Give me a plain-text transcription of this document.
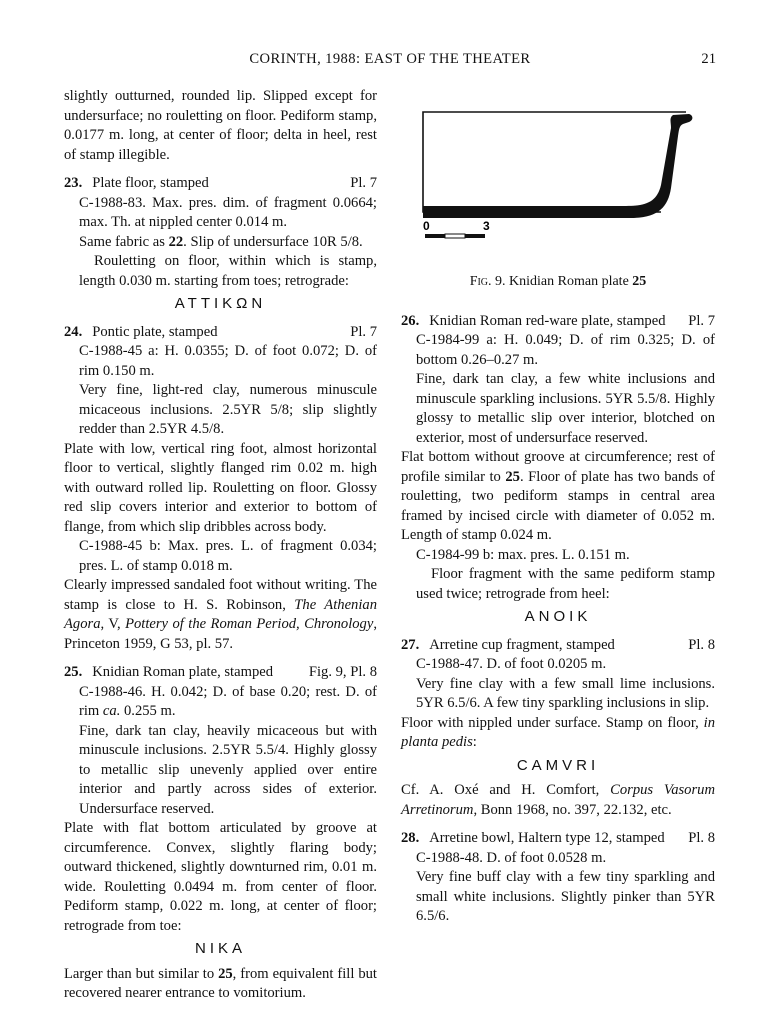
CORINTH, 1988: EAST OF THE THEATER	21

slightly outturned, rounded lip. Slipped except for undersurface; no rouletting on floor. Pediform stamp, 0.0177 m. long, at center of floor; delta in heel, rest of stamp illegible.

23. Plate floor, stamped	Pl. 7

C-1988-83. Max. pres. dim. of fragment 0.0664; max. Th. at nippled center 0.014 m.

Same fabric as 22. Slip of undersurface 10R 5/8.

Rouletting on floor, within which is stamp, length 0.030 m. starting from toes; retrograde:

ATTIKΩN
24. Pontic plate, stamped	Pl. 7

C-1988-45 a: H. 0.0355; D. of foot 0.072; D. of rim 0.150 m.

Very fine, light-red clay, numerous minuscule micaceous inclusions. 2.5YR 5/8; slip slightly redder than 2.5YR 4.5/8.

Plate with low, vertical ring foot, almost horizontal floor to vertical, slightly flanged rim 0.02 m. high with outward rolled lip. Rouletting on floor. Glossy red slip covers interior and exterior to bottom of flange, from which slip dribbles across body.

C-1988-45 b: Max. pres. L. of fragment 0.034; pres. L. of stamp 0.018 m.

Clearly impressed sandaled foot without writing. The stamp is close to H. S. Robinson, The Athenian Agora, V, Pottery of the Roman Period, Chronology, Princeton 1959, G 53, pl. 57.

25. Knidian Roman plate, stamped	Fig. 9, Pl. 8

C-1988-46. H. 0.042; D. of base 0.20; rest. D. of rim ca. 0.255 m.

Fine, dark tan clay, heavily micaceous but with minuscule inclusions. 2.5YR 5.5/4. Highly glossy to metallic slip unevenly applied over entire interior and partly across sides of exterior. Undersurface reserved.

Plate with flat bottom articulated by groove at circumference. Convex, slightly flaring body; outward thickened, slightly downturned rim, 0.01 m. wide. Rouletting 0.0494 m. from center of floor. Pediform stamp, 0.022 m. long, at center of floor; retrograde from toe:

NIKA

Larger than but similar to 25, from equivalent fill but recovered nearer entrance to vomitorium.

0	3

Fig. 9. Knidian Roman plate 25

26. Knidian Roman red-ware plate, stamped	Pl. 7

C-1984-99 a: H. 0.049; D. of rim 0.325; D. of bottom 0.26–0.27 m.

Fine, dark tan clay, a few white inclusions and minuscule sparkling inclusions. 5YR 5.5/8. Highly glossy to metallic slip over interior, blotched on exterior, most of undersurface reserved.

Flat bottom without groove at circumference; rest of profile similar to 25. Floor of plate has two bands of rouletting, two pediform stamps in central area framed by incised circle with diameter of 0.052 m. Length of stamp 0.024 m.

C-1984-99 b: max. pres. L. 0.151 m.

Floor fragment with the same pediform stamp used twice; retrograde from heel:

ANOIK
27. Arretine cup fragment, stamped	Pl. 8

C-1988-47. D. of foot 0.0205 m.

Very fine clay with a few small lime inclusions. 5YR 6.5/6. A few tiny sparkling inclusions in slip.

Floor with nippled under surface. Stamp on floor, in planta pedis:

CAMVRI

Cf. A. Oxé and H. Comfort, Corpus Vasorum Arretinorum, Bonn 1968, no. 397, 22.132, etc.

28. Arretine bowl, Haltern type 12, stamped	Pl. 8

C-1988-48. D. of foot 0.0528 m.

Very fine buff clay with a few tiny sparkling and small white inclusions. Slightly pinker than 5YR 6.5/6.
